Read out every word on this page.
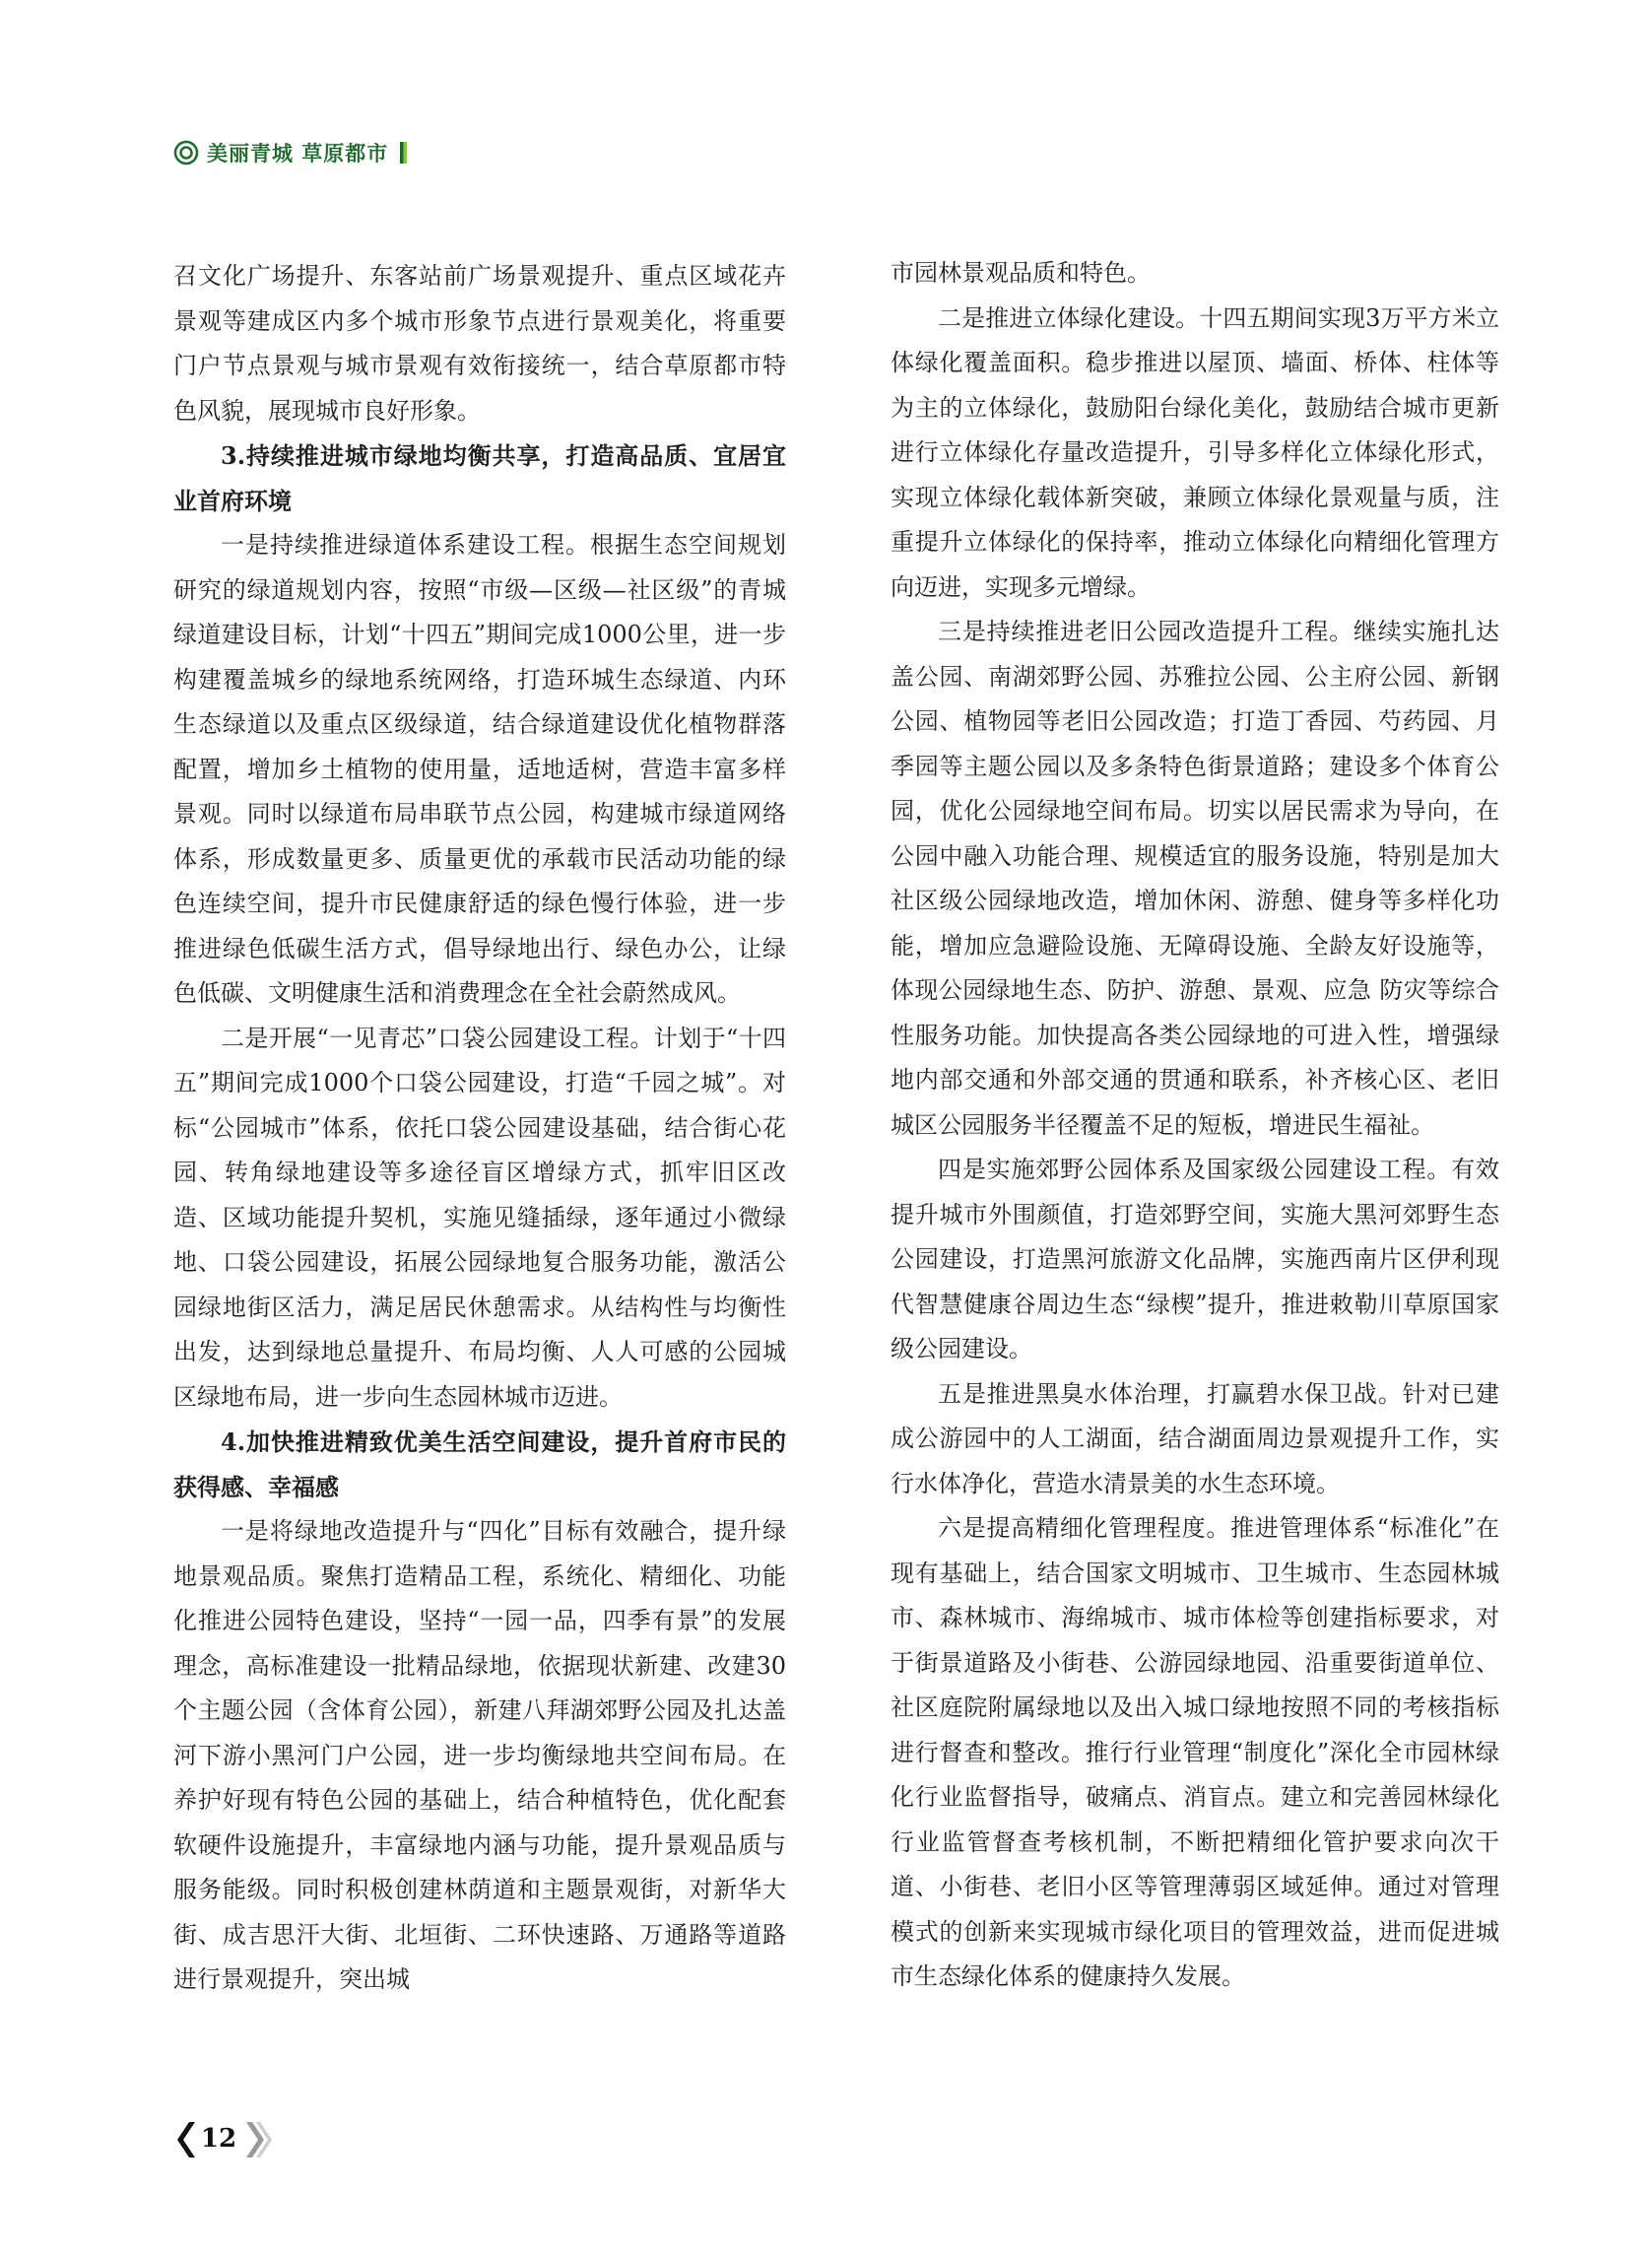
美丽青城 草原都市

召文化广场提升、东客站前广场景观提升、重点区域花卉景观等建成区内多个城市形象节点进行景观美化，将重要门户节点景观与城市景观有效衔接统一，结合草原都市特色风貌，展现城市良好形象。

3.持续推进城市绿地均衡共享，打造高品质、宜居宜业首府环境

一是持续推进绿道体系建设工程。根据生态空间规划研究的绿道规划内容，按照“市级—区级—社区级”的青城绿道建设目标，计划“十四五”期间完成1000公里，进一步构建覆盖城乡的绿地系统网络，打造环城生态绿道、内环生态绿道以及重点区级绿道，结合绿道建设优化植物群落配置，增加乡土植物的使用量，适地适树，营造丰富多样景观。同时以绿道布局串联节点公园，构建城市绿道网络体系，形成数量更多、质量更优的承载市民活动功能的绿色连续空间，提升市民健康舒适的绿色慢行体验，进一步推进绿色低碳生活方式，倡导绿地出行、绿色办公，让绿色低碳、文明健康生活和消费理念在全社会蔚然成风。

二是开展“一见青芯”口袋公园建设工程。计划于“十四五”期间完成1000个口袋公园建设，打造“千园之城”。对标“公园城市”体系，依托口袋公园建设基础，结合街心花园、转角绿地建设等多途径盲区增绿方式，抓牢旧区改造、区域功能提升契机，实施见缝插绿，逐年通过小微绿地、口袋公园建设，拓展公园绿地复合服务功能，激活公园绿地街区活力，满足居民休憩需求。从结构性与均衡性出发，达到绿地总量提升、布局均衡、人人可感的公园城区绿地布局，进一步向生态园林城市迈进。

4.加快推进精致优美生活空间建设，提升首府市民的获得感、幸福感

一是将绿地改造提升与“四化”目标有效融合，提升绿地景观品质。聚焦打造精品工程，系统化、精细化、功能化推进公园特色建设，坚持“一园一品，四季有景”的发展理念，高标准建设一批精品绿地，依据现状新建、改建30个主题公园（含体育公园），新建八拜湖郊野公园及扎达盖河下游小黑河门户公园，进一步均衡绿地共空间布局。在养护好现有特色公园的基础上，结合种植特色，优化配套软硬件设施提升，丰富绿地内涵与功能，提升景观品质与服务能级。同时积极创建林荫道和主题景观街，对新华大街、成吉思汗大街、北垣街、二环快速路、万通路等道路进行景观提升，突出城

市园林景观品质和特色。

二是推进立体绿化建设。十四五期间实现3万平方米立体绿化覆盖面积。稳步推进以屋顶、墙面、桥体、柱体等为主的立体绿化，鼓励阳台绿化美化，鼓励结合城市更新进行立体绿化存量改造提升，引导多样化立体绿化形式，实现立体绿化载体新突破，兼顾立体绿化景观量与质，注重提升立体绿化的保持率，推动立体绿化向精细化管理方向迈进，实现多元增绿。

三是持续推进老旧公园改造提升工程。继续实施扎达盖公园、南湖郊野公园、苏雅拉公园、公主府公园、新钢公园、植物园等老旧公园改造；打造丁香园、芍药园、月季园等主题公园以及多条特色街景道路；建设多个体育公园，优化公园绿地空间布局。切实以居民需求为导向，在公园中融入功能合理、规模适宜的服务设施，特别是加大社区级公园绿地改造，增加休闲、游憩、健身等多样化功能，增加应急避险设施、无障碍设施、全龄友好设施等，体现公园绿地生态、防护、游憩、景观、应急 防灾等综合性服务功能。加快提高各类公园绿地的可进入性，增强绿地内部交通和外部交通的贯通和联系，补齐核心区、老旧城区公园服务半径覆盖不足的短板，增进民生福祉。

四是实施郊野公园体系及国家级公园建设工程。有效提升城市外围颜值，打造郊野空间，实施大黑河郊野生态公园建设，打造黑河旅游文化品牌，实施西南片区伊利现代智慧健康谷周边生态“绿楔”提升，推进敕勒川草原国家级公园建设。

五是推进黑臭水体治理，打赢碧水保卫战。针对已建成公游园中的人工湖面，结合湖面周边景观提升工作，实行水体净化，营造水清景美的水生态环境。

六是提高精细化管理程度。推进管理体系“标准化”在现有基础上，结合国家文明城市、卫生城市、生态园林城市、森林城市、海绵城市、城市体检等创建指标要求，对于街景道路及小街巷、公游园绿地园、沿重要街道单位、社区庭院附属绿地以及出入城口绿地按照不同的考核指标进行督查和整改。推行行业管理“制度化”深化全市园林绿化行业监督指导，破痛点、消盲点。建立和完善园林绿化行业监管督查考核机制，不断把精细化管护要求向次干道、小街巷、老旧小区等管理薄弱区域延伸。通过对管理模式的创新来实现城市绿化项目的管理效益，进而促进城市生态绿化体系的健康持久发展。

12
